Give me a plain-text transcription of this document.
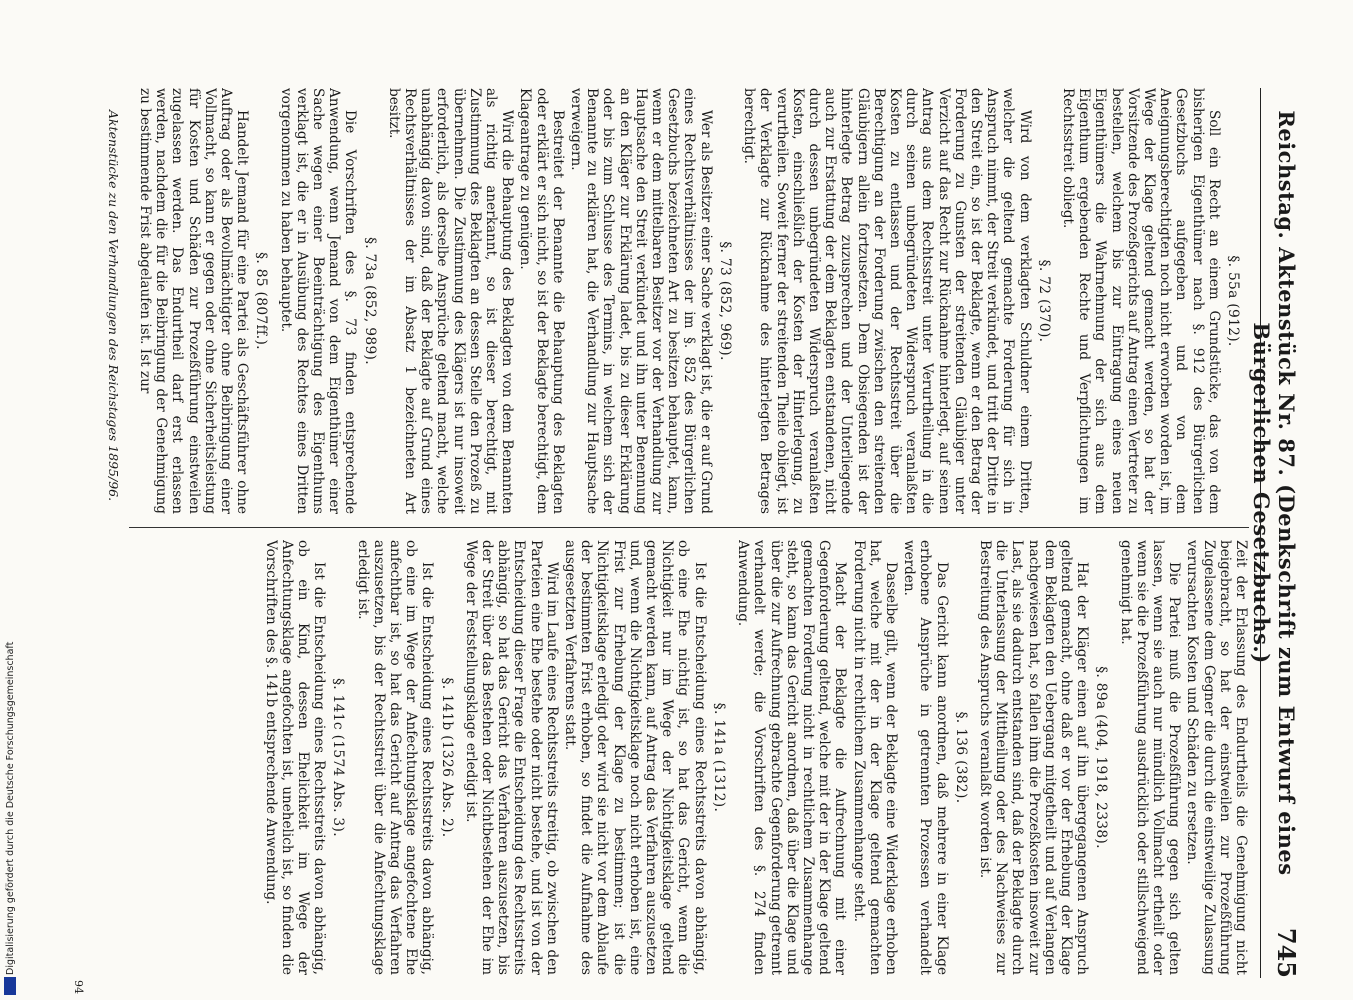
Reichstag. Aktenstück Nr. 87. (Denkschrift zum Entwurf eines Bürgerlichen Gesetzbuchs.)
745
§. 55a (912).
Soll ein Recht an einem Grundstücke, das von dem bisherigen Eigenthümer nach §. 912 des Bürgerlichen Gesetzbuchs aufgegeben und von dem Aneignungsberechtigten noch nicht erworben worden ist, im Wege der Klage geltend gemacht werden, so hat der Vorsitzende des Prozeßgerichts auf Antrag einen Vertreter zu bestellen, welchem bis zur Eintragung eines neuen Eigenthümers die Wahrnehmung der sich aus dem Eigenthum ergebenden Rechte und Verpflichtungen im Rechtsstreit obliegt.
§. 72 (370).
Wird von dem verklagten Schuldner einem Dritten, welcher die geltend gemachte Forderung für sich in Anspruch nimmt, der Streit verkündet, und tritt der Dritte in den Streit ein, so ist der Beklagte, wenn er den Betrag der Forderung zu Gunsten der streitenden Gläubiger unter Verzicht auf das Recht zur Rücknahme hinterlegt, auf seinen Antrag aus dem Rechtsstreit unter Verurtheilung in die durch seinen unbegründeten Widerspruch veranlaßten Kosten zu entlassen und der Rechtsstreit über die Berechtigung an der Forderung zwischen den streitenden Gläubigern allein fortzusetzen. Dem Obsiegenden ist der hinterlegte Betrag zuzusprechen und der Unterliegende auch zur Erstattung der dem Beklagten entstandenen, nicht durch dessen unbegründeten Widerspruch veranlaßten Kosten, einschließlich der Kosten der Hinterlegung, zu verurtheilen. Soweit ferner der streitenden Theile obliegt, ist der Verklagte zur Rücknahme des hinterlegten Betrages berechtigt.
§. 73 (852, 969).
Wer als Besitzer einer Sache verklagt ist, die er auf Grund eines Rechtsverhältnisses der im §. 852 des Bürgerlichen Gesetzbuchs bezeichneten Art zu besitzen behauptet, kann, wenn er dem mittelbaren Besitzer vor der Verhandlung zur Hauptsache den Streit verkündet und ihn unter Benennung an den Kläger zur Erklärung ladet, bis zu dieser Erklärung oder bis zum Schlusse des Termins, in welchem sich der Benannte zu erklären hat, die Verhandlung zur Hauptsache verweigern.
Bestreitet der Benannte die Behauptung des Beklagten oder erklärt er sich nicht, so ist der Beklagte berechtigt, dem Klageantrage zu genügen.
Wird die Behauptung des Beklagten von dem Benannten als richtig anerkannt, so ist dieser berechtigt, mit Zustimmung des Beklagten an dessen Stelle den Prozeß zu übernehmen. Die Zustimmung des Klägers ist nur insoweit erforderlich, als derselbe Ansprüche geltend macht, welche unabhängig davon sind, daß der Beklagte auf Grund eines Rechtsverhältnisses der im Absatz 1 bezeichneten Art besitzt.
§. 73a (852, 989).
Die Vorschriften des §. 73 finden entsprechende Anwendung, wenn Jemand von dem Eigenthümer einer Sache wegen einer Beeinträchtigung des Eigenthums verklagt ist, die er in Ausübung des Rechtes eines Dritten vorgenommen zu haben behauptet.
§. 85 (807ff.).
Handelt Jemand für eine Partei als Geschäftsführer ohne Auftrag oder als Bevollmächtigter ohne Beibringung einer Vollmacht, so kann er gegen oder ohne Sicherheitsleistung für Kosten und Schäden zur Prozeßführung einstweilen zugelassen werden. Das Endurtheil darf erst erlassen werden, nachdem die für die Beibringung der Genehmigung zu bestimmende Frist abgelaufen ist. Ist zur
Zeit der Erlassung des Endurtheils die Genehmigung nicht beigebracht, so hat der einstweilen zur Prozeßführung Zugelassene dem Gegner die durch die einstweilige Zulassung verursachten Kosten und Schäden zu ersetzen.
Die Partei muß die Prozeßführung gegen sich gelten lassen, wenn sie auch nur mündlich Vollmacht ertheilt oder wenn sie die Prozeßführung ausdrücklich oder stillschweigend genehmigt hat.
§. 89a (404, 1918, 2338).
Hat der Kläger einen auf ihn übergegangenen Anspruch geltend gemacht, ohne daß er vor der Erhebung der Klage dem Beklagten den Uebergang mitgetheilt und auf Verlangen nachgewiesen hat, so fallen ihm die Prozeßkosten insoweit zur Last, als sie dadurch entstanden sind, daß der Beklagte durch die Unterlassung der Mittheilung oder des Nachweises zur Bestreitung des Anspruchs veranlaßt worden ist.
§. 136 (382).
Das Gericht kann anordnen, daß mehrere in einer Klage erhobene Ansprüche in getrennten Prozessen verhandelt werden.
Dasselbe gilt, wenn der Beklagte eine Widerklage erhoben hat, welche mit der in der Klage geltend gemachten Forderung nicht in rechtlichem Zusammenhange steht.
Macht der Beklagte die Aufrechnung mit einer Gegenforderung geltend, welche mit der in der Klage geltend gemachten Forderung nicht in rechtlichem Zusammenhange steht, so kann das Gericht anordnen, daß über die Klage und über die zur Aufrechnung gebrachte Gegenforderung getrennt verhandelt werde; die Vorschriften des §. 274 finden Anwendung.
§. 141a (1312).
Ist die Entscheidung eines Rechtsstreits davon abhängig, ob eine Ehe nichtig ist, so hat das Gericht, wenn die Nichtigkeit nur im Wege der Nichtigkeitsklage geltend gemacht werden kann, auf Antrag das Verfahren auszusetzen und, wenn die Nichtigkeitsklage noch nicht erhoben ist, eine Frist zur Erhebung der Klage zu bestimmen; ist die Nichtigkeitsklage erledigt oder wird sie nicht vor dem Ablaufe der bestimmten Frist erhoben, so findet die Aufnahme des ausgesetzten Verfahrens statt.
Wird im Laufe eines Rechtsstreits streitig, ob zwischen den Parteien eine Ehe bestehe oder nicht bestehe, und ist von der Entscheidung dieser Frage die Entscheidung des Rechtsstreits abhängig, so hat das Gericht das Verfahren auszusetzen, bis der Streit über das Bestehen oder Nichtbestehen der Ehe im Wege der Feststellungsklage erledigt ist.
§. 141b (1326 Abs. 2).
Ist die Entscheidung eines Rechtsstreits davon abhängig, ob eine im Wege der Anfechtungsklage angefochtene Ehe anfechtbar ist, so hat das Gericht auf Antrag das Verfahren auszusetzen, bis der Rechtsstreit über die Anfechtungsklage erledigt ist.
§. 141c (1574 Abs. 3).
Ist die Entscheidung eines Rechtsstreits davon abhängig, ob ein Kind, dessen Ehelichkeit im Wege der Anfechtungsklage angefochten ist, unehelich ist, so finden die Vorschriften des §. 141b entsprechende Anwendung.
Aktenstücke zu den Verhandlungen des Reichstages 1895/96.
94
Digitalisierung gefördert durch die Deutsche Forschungsgemeinschaft
